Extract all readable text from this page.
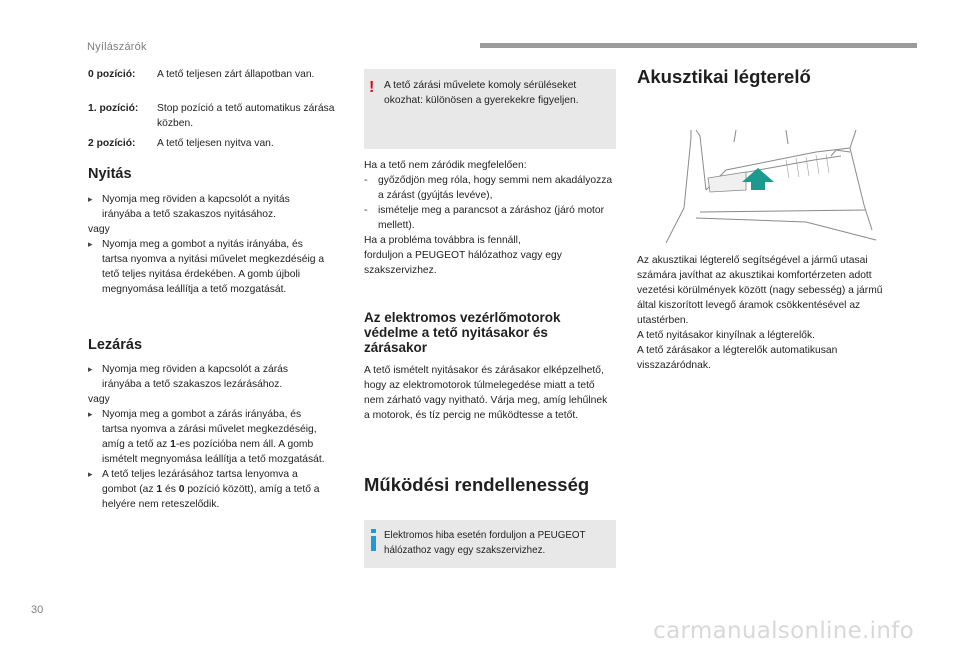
Nyílászárók
0 pozíció:	A tető teljesen zárt állapotban van.
1. pozíció:	Stop pozíció a tető automatikus zárása közben.
2 pozíció:	A tető teljesen nyitva van.
Nyitás
▸ Nyomja meg röviden a kapcsolót a nyitás irányába a tető szakaszos nyitásához.
vagy
▸ Nyomja meg a gombot a nyitás irányába, és tartsa nyomva a nyitási művelet megkezdéséig a tető teljes nyitása érdekében. A gomb újboli megnyomása leállítja a tető mozgatását.
Lezárás
▸ Nyomja meg röviden a kapcsolót a zárás irányába a tető szakaszos lezárásához.
vagy
▸ Nyomja meg a gombot a zárás irányába, és tartsa nyomva a zárási művelet megkezdéséig, amíg a tető az 1-es pozícióba nem áll. A gomb ismételt megnyomása leállítja a tető mozgatását.
▸ A tető teljes lezárásához tartsa lenyomva a gombot (az 1 és 0 pozíció között), amíg a tető a helyére nem reteszelődik.
! A tető zárási művelete komoly sérüléseket okozhat: különösen a gyerekekre figyeljen.
Ha a tető nem záródik megfelelően:
-	győződjön meg róla, hogy semmi nem akadályozza a zárást (gyújtás levéve),
-	ismételje meg a parancsot a záráshoz (járó motor mellett).
Ha a probléma továbbra is fennáll,
forduljon a PEUGEOT hálózathoz vagy egy szakszervizhez.
Az elektromos vezérlőmotorok védelme a tető nyitásakor és zárásakor
A tető ismételt nyitásakor és zárásakor elképzelhető, hogy az elektromotorok túlmelegedése miatt a tető nem zárható vagy nyitható. Várja meg, amíg lehűlnek a motorok, és tíz percig ne működtesse a tetőt.
Működési rendellenesség
Elektromos hiba esetén forduljon a PEUGEOT hálózathoz vagy egy szakszervizhez.
Akusztikai légterelő
Az akusztikai légterelő segítségével a jármű utasai számára javíthat az akusztikai komfortérzeten adott vezetési körülmények között (nagy sebesség) a jármű által kiszorított levegő áramok csökkentésével az utastérben.
A tető nyitásakor kinyílnak a légterelők.
A tető zárásakor a légterelők automatikusan visszazáródnak.
30
carmanualsonline.info
